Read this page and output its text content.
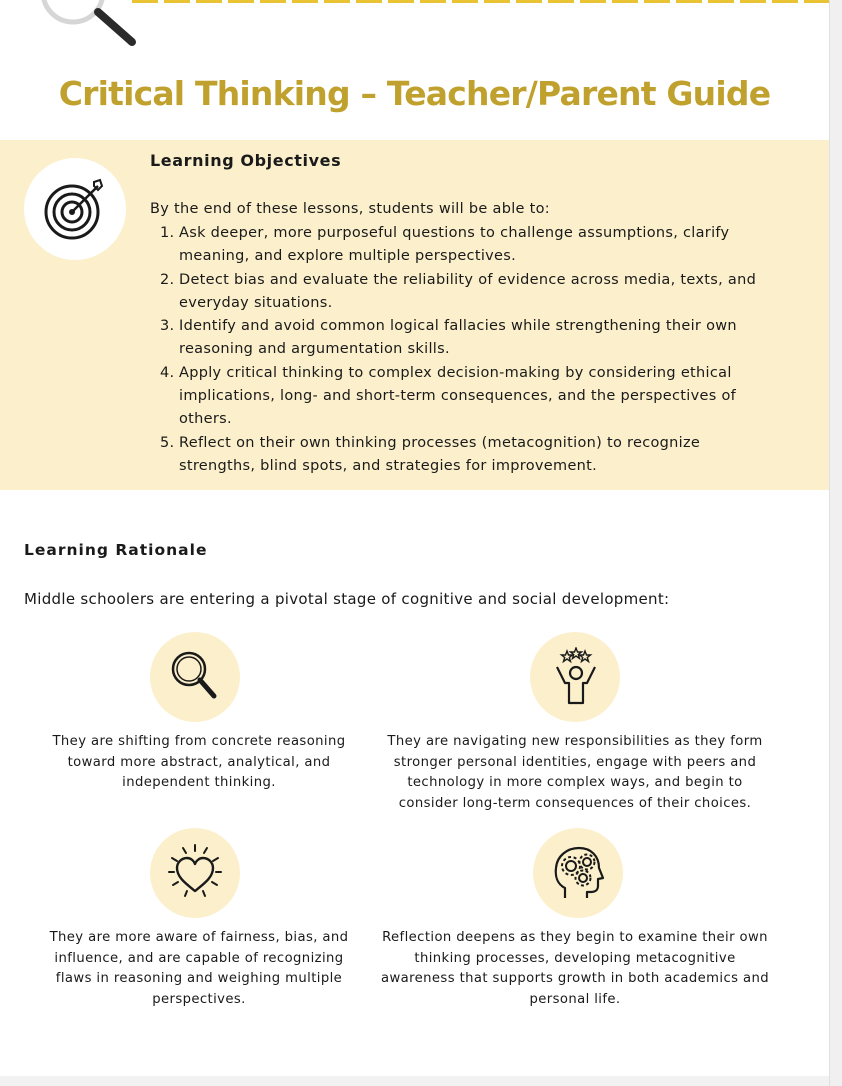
Critical Thinking – Teacher/Parent Guide
Learning Objectives
By the end of these lessons, students will be able to:
1. Ask deeper, more purposeful questions to challenge assumptions, clarify
meaning, and explore multiple perspectives.
2. Detect bias and evaluate the reliability of evidence across media, texts, and
everyday situations.
3. Identify and avoid common logical fallacies while strengthening their own
reasoning and argumentation skills.
4. Apply critical thinking to complex decision-making by considering ethical
implications, long- and short-term consequences, and the perspectives of
others.
5. Reflect on their own thinking processes (metacognition) to recognize
strengths, blind spots, and strategies for improvement.
Learning Rationale
Middle schoolers are entering a pivotal stage of cognitive and social development:
They are shifting from concrete reasoning
toward more abstract, analytical, and
independent thinking.
They are navigating new responsibilities as they form
stronger personal identities, engage with peers and
technology in more complex ways, and begin to
consider long-term consequences of their choices.
They are more aware of fairness, bias, and
influence, and are capable of recognizing
flaws in reasoning and weighing multiple
perspectives.
Reflection deepens as they begin to examine their own
thinking processes, developing metacognitive
awareness that supports growth in both academics and
personal life.
